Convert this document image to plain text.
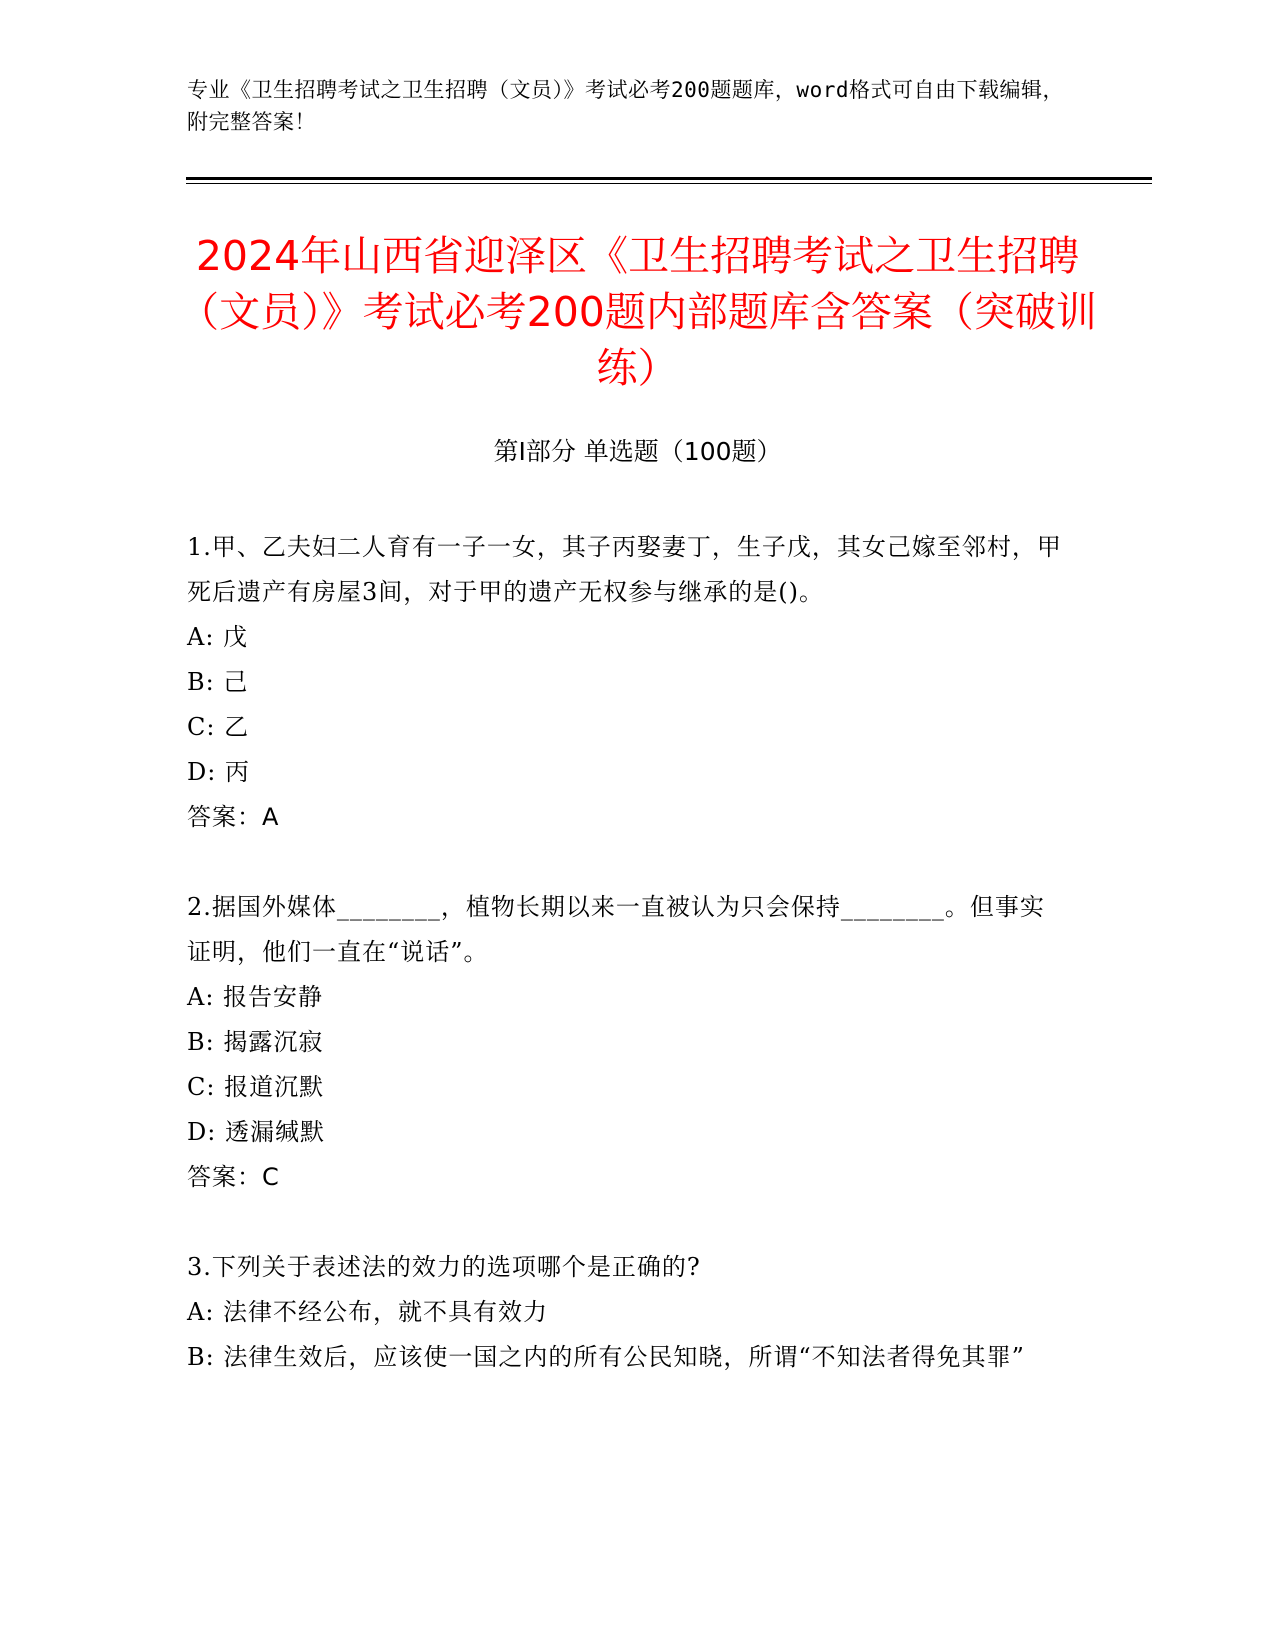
专业《卫生招聘考试之卫生招聘（文员）》考试必考200题题库，word格式可自由下载编辑，附完整答案！
2024年山西省迎泽区《卫生招聘考试之卫生招聘（文员）》考试必考200题内部题库含答案（突破训练）
第Ⅰ部分 单选题（100题）

1.甲、乙夫妇二人育有一子一女，其子丙娶妻丁，生子戊，其女己嫁至邻村，甲死后遗产有房屋3间，对于甲的遗产无权参与继承的是()。

A: 戊

B: 己

C: 乙

D: 丙

答案：A

2.据国外媒体________，植物长期以来一直被认为只会保持________。但事实证明，他们一直在“说话”。

A: 报告安静

B: 揭露沉寂

C: 报道沉默

D: 透漏缄默

答案：C

3.下列关于表述法的效力的选项哪个是正确的?

A: 法律不经公布，就不具有效力

B: 法律生效后，应该使一国之内的所有公民知晓，所谓“不知法者得免其罪”
